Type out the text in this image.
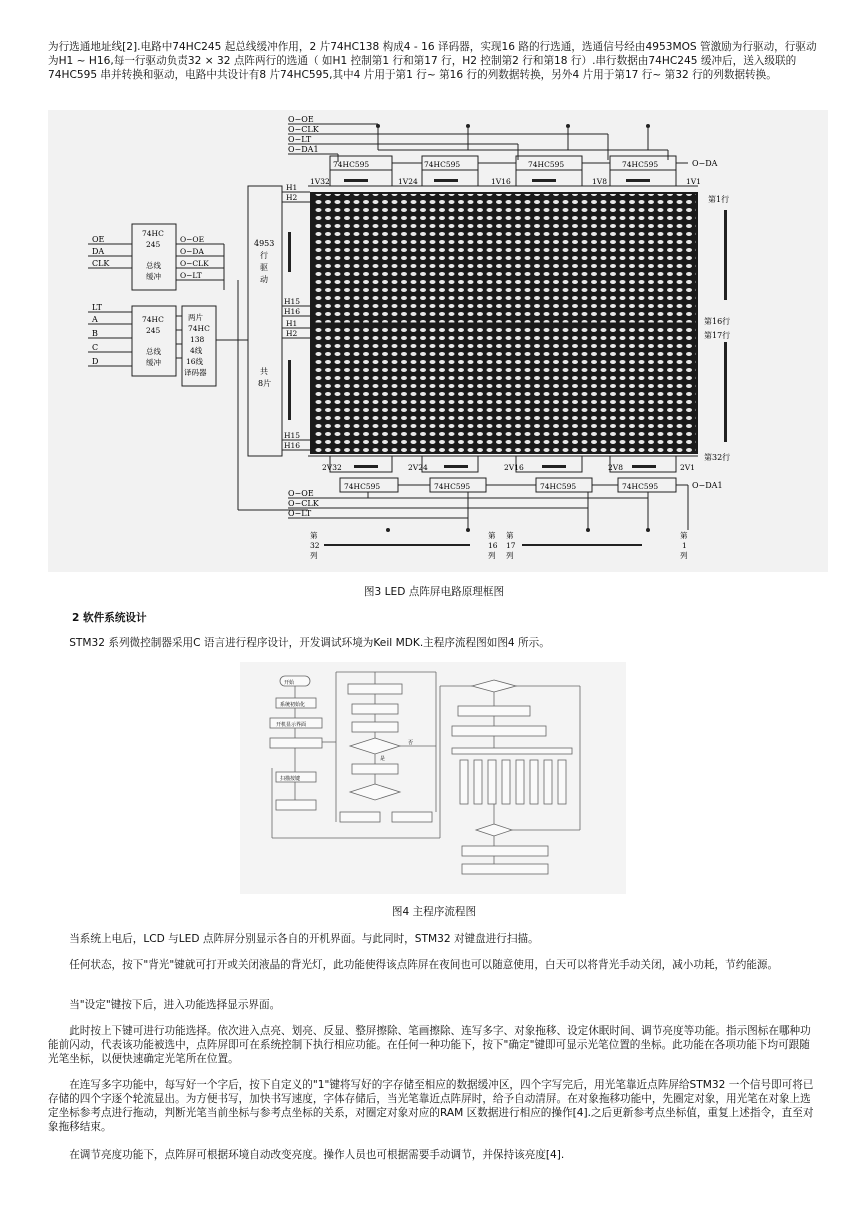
为行选通地址线[2].电路中74HC245 起总线缓冲作用，2 片74HC138 构成4 - 16 译码器，实现16 路的行选通，选通信号经由4953MOS 管激励为行驱动，行驱动为H1 ~ H16,每一行驱动负责32 × 32 点阵两行的选通（ 如H1 控制第1 行和第17 行，H2 控制第2 行和第18 行）.串行数据由74HC245 缓冲后，送入级联的74HC595 串并转换和驱动，电路中共设计有8 片74HC595,其中4 片用于第1 行~ 第16 行的列数据转换，另外4 片用于第17 行~ 第32 行的列数据转换。

O−OE
O−CLK
O−LT
O−DA1
O−DA
74HC595	74HC595	74HC595	74HC595
1V32	1V24	1V16	1V8	1V1
H1
H2
H15
H16
H1
H2
H15
H16
4953
行
驱
动
共
8片
OE
DA
CLK
74HC
245
总线
缓冲
O−OE
O−DA
O−CLK
O−LT
LT
A
B
C
D
74HC
245
总线
缓冲
两片
74HC
138
4线
16线
译码器
第1行
第16行
第17行
第32行
2V32	2V24	2V16	2V8	2V1
74HC595	74HC595	74HC595	74HC595	O−DA1
O−OE
O−CLK
O−LT
第
32
列
第
16
列
第
17
列
第
1
列
图3 LED 点阵屏电路原理框图
2 软件系统设计

STM32 系列微控制器采用C 语言进行程序设计，开发调试环境为Keil MDK.主程序流程图如图4 所示。

开始
系统初始化
开机显示界面
扫描按键
是
否
图4 主程序流程图

当系统上电后，LCD 与LED 点阵屏分别显示各自的开机界面。与此同时，STM32 对键盘进行扫描。

任何状态，按下"背光"键就可打开或关闭液晶的背光灯，此功能使得该点阵屏在夜间也可以随意使用，白天可以将背光手动关闭，减小功耗，节约能源。

当"设定"键按下后，进入功能选择显示界面。

此时按上下键可进行功能选择。依次进入点亮、划亮、反显、整屏擦除、笔画擦除、连写多字、对象拖移、设定休眠时间、调节亮度等功能。指示图标在哪种功能前闪动，代表该功能被选中，点阵屏即可在系统控制下执行相应功能。在任何一种功能下，按下"确定"键即可显示光笔位置的坐标。此功能在各项功能下均可跟随光笔坐标，以便快速确定光笔所在位置。

在连写多字功能中，每写好一个字后，按下自定义的"1"键将写好的字存储至相应的数据缓冲区，四个字写完后，用光笔靠近点阵屏给STM32 一个信号即可将已存储的四个字逐个轮流显出。为方便书写，加快书写速度，字体存储后，当光笔靠近点阵屏时，给予自动清屏。在对象拖移功能中，先圈定对象，用光笔在对象上选定坐标参考点进行拖动，判断光笔当前坐标与参考点坐标的关系，对圈定对象对应的RAM 区数据进行相应的操作[4].之后更新参考点坐标值，重复上述指令，直至对象拖移结束。

在调节亮度功能下，点阵屏可根据环境自动改变亮度。操作人员也可根据需要手动调节，并保持该亮度[4].
